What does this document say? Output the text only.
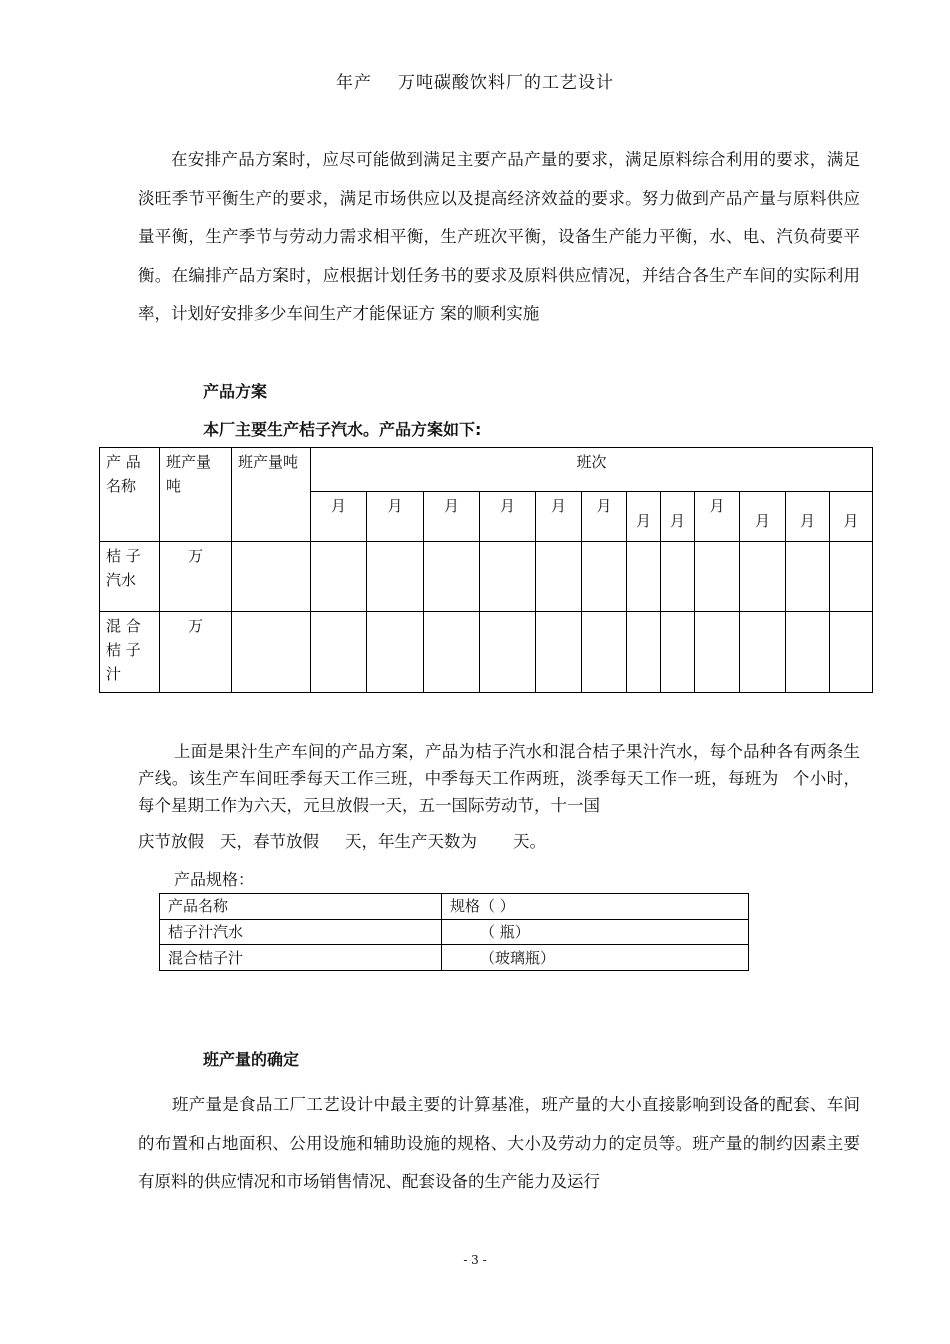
年产 万吨碳酸饮料厂的工艺设计

在安排产品方案时，应尽可能做到满足主要产品产量的要求，满足原料综合利用的要求，满足淡旺季节平衡生产的要求，满足市场供应以及提高经济效益的要求。努力做到产品产量与原料供应量平衡，生产季节与劳动力需求相平衡，生产班次平衡，设备生产能力平衡，水、电、汽负荷要平衡。在编排产品方案时，应根据计划任务书的要求及原料供应情况，并结合各生产车间的实际利用率，计划好安排多少车间生产才能保证方 案的顺利实施

产品方案
本厂主要生产桔子汽水。产品方案如下:
产 品 名称	班产量吨	班产量吨	班次											
			月	月	月	月	月	月	月	月	月	月	月	月
桔 子 汽水	万													
混 合 桔 子 汁	万													

上面是果汁生产车间的产品方案，产品为桔子汽水和混合桔子果汁汽水，每个品种各有两条生产线。该生产车间旺季每天工作三班，中季每天工作两班，淡季每天工作一班，每班为 个小时，每个星期工作为六天，元旦放假一天，五一国际劳动节，十一国

庆节放假 天，春节放假 天，年生产天数为 天。
产品规格：
产品名称	规格（ ）
桔子汁汽水	（ 瓶）
混合桔子汁	（玻璃瓶）
班产量的确定

班产量是食品工厂工艺设计中最主要的计算基准，班产量的大小直接影响到设备的配套、车间的布置和占地面积、公用设施和辅助设施的规格、大小及劳动力的定员等。班产量的制约因素主要有原料的供应情况和市场销售情况、配套设备的生产能力及运行

- 3 -
